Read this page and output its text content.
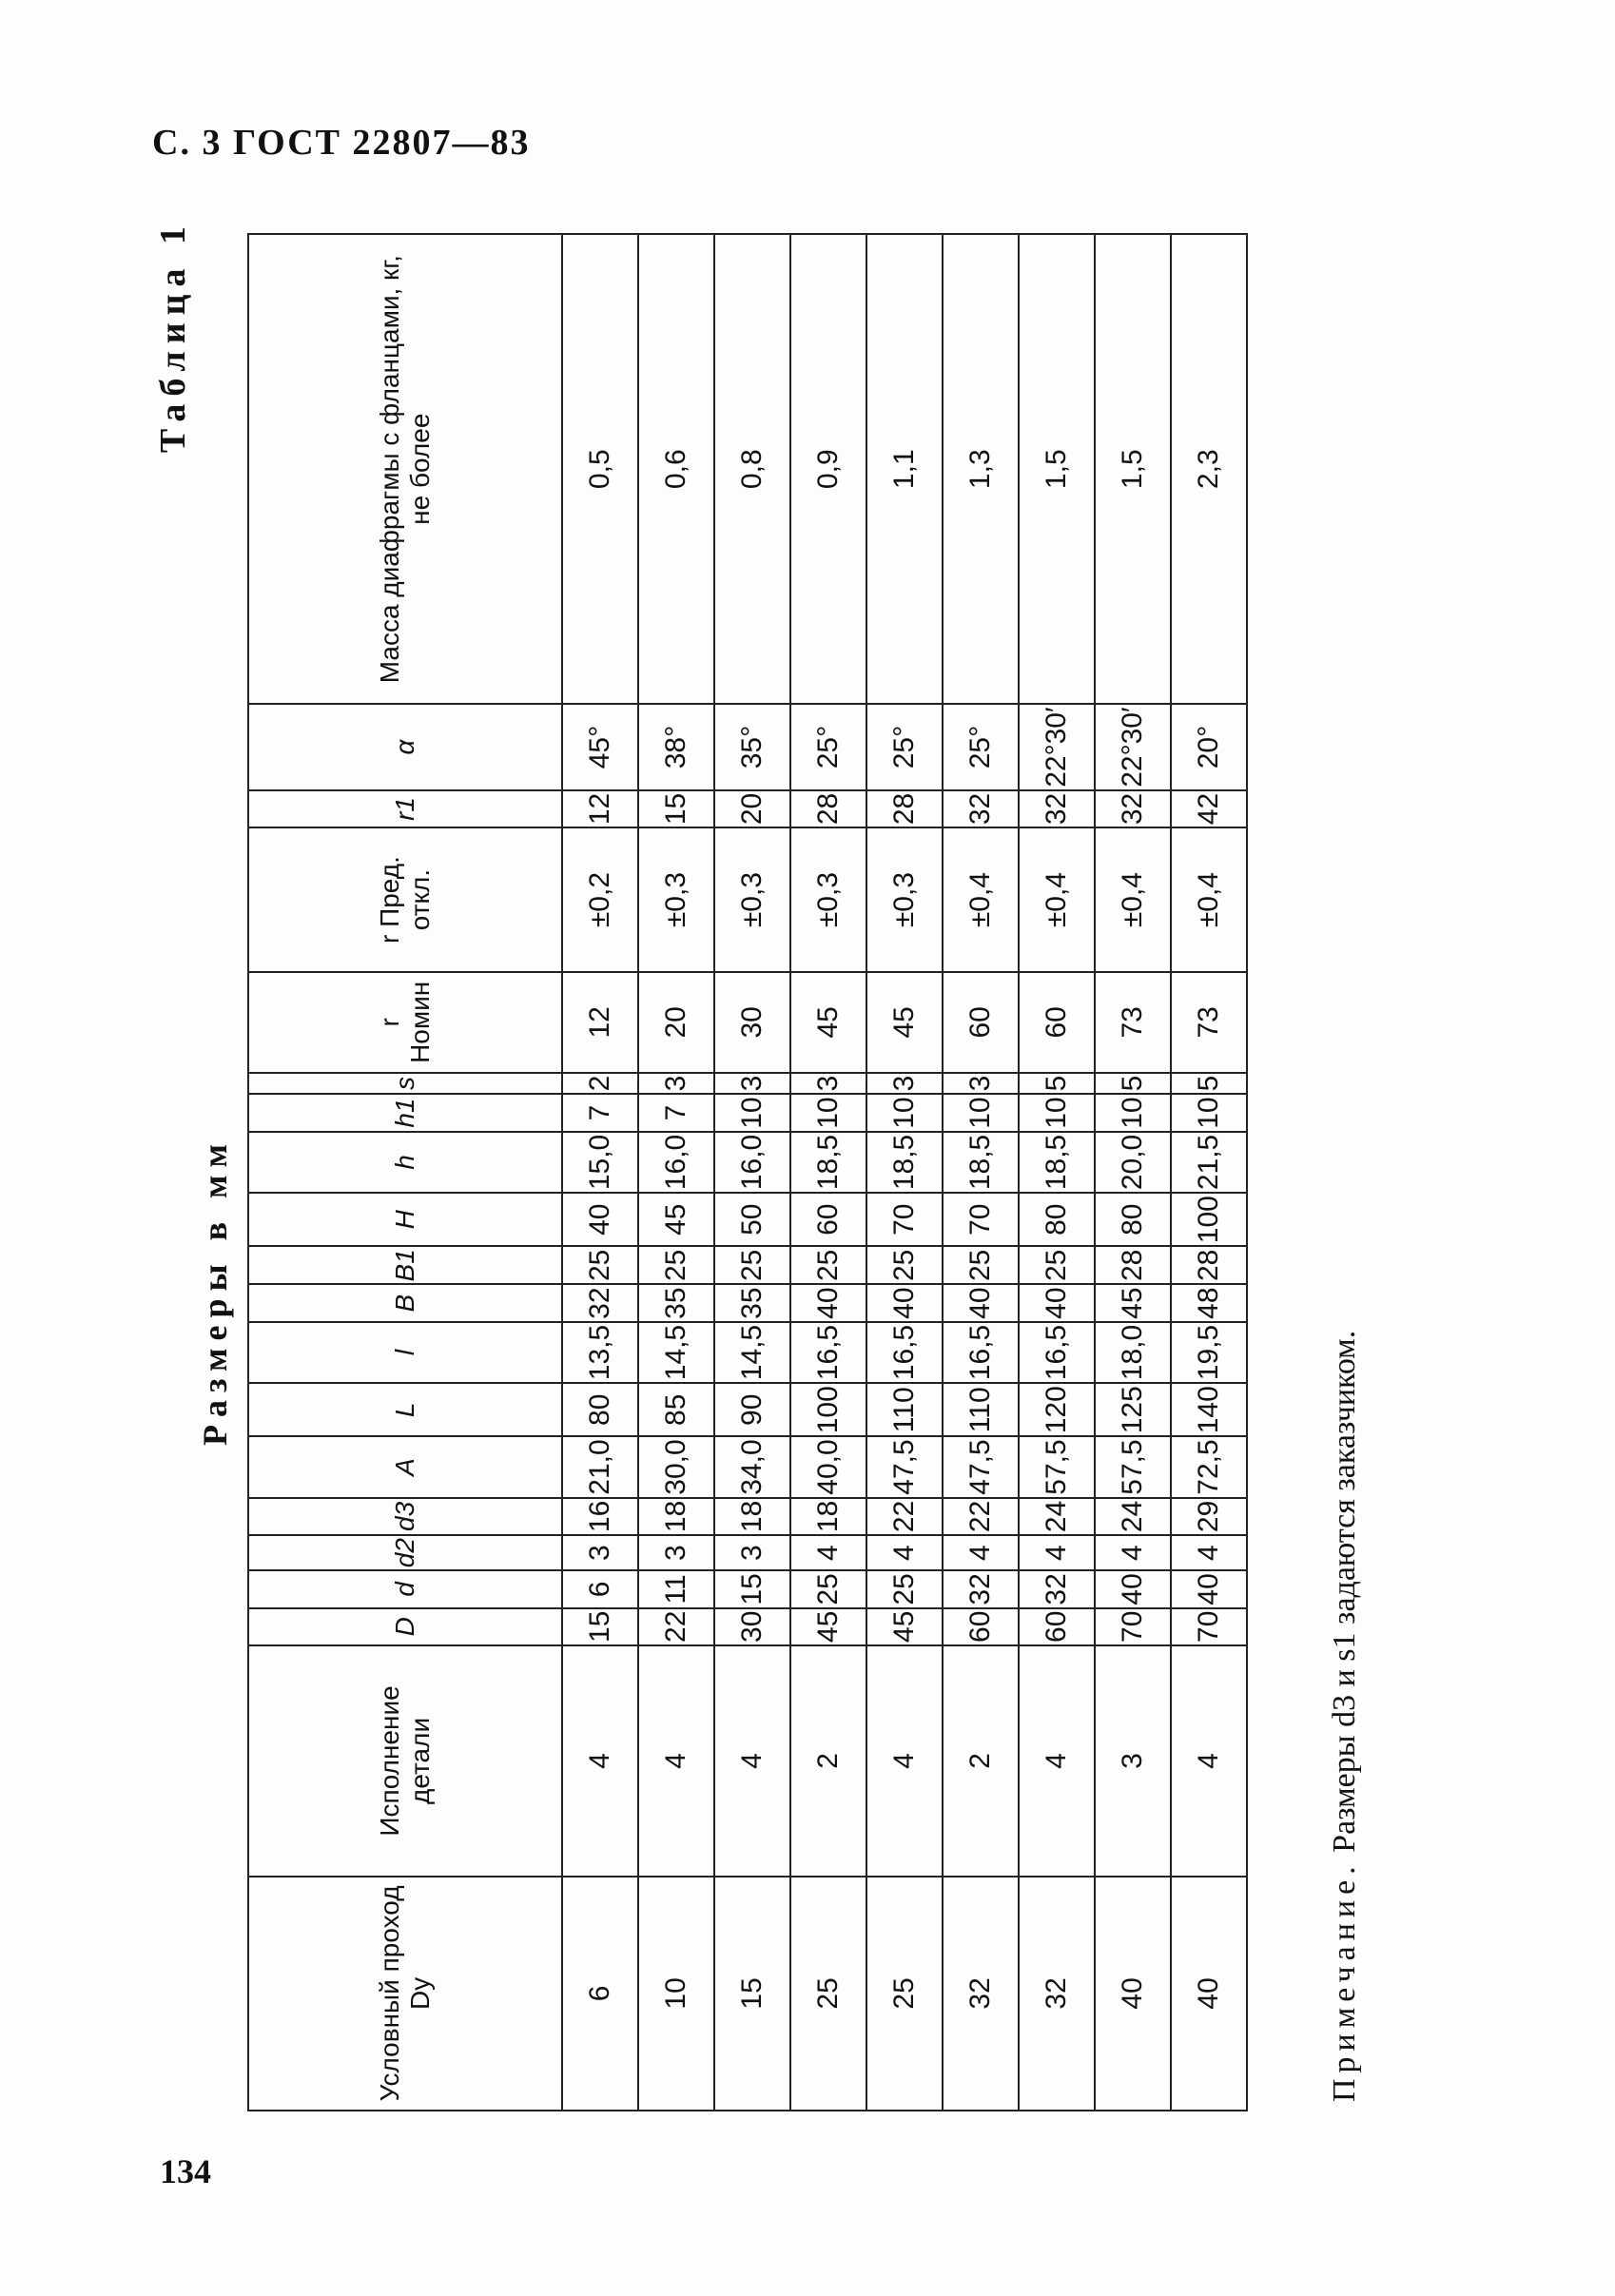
С. 3 ГОСТ 22807—83
Таблица 1
Размеры в мм
Условный проход Dу	Исполнение детали	D	d	d2	d3	A	L	l	B	B1	H	h	h1	s	r Номин	r Пред. откл.	r1	α	Масса диафрагмы с фланцами, кг, не более
6	4	15	6	3	16	21,0	80	13,5	32	25	40	15,0	7	2	12	±0,2	12	45°	0,5
10	4	22	11	3	18	30,0	85	14,5	35	25	45	16,0	7	3	20	±0,3	15	38°	0,6
15	4	30	15	3	18	34,0	90	14,5	35	25	50	16,0	10	3	30	±0,3	20	35°	0,8
25	2	45	25	4	18	40,0	100	16,5	40	25	60	18,5	10	3	45	±0,3	28	25°	0,9
25	4	45	25	4	22	47,5	110	16,5	40	25	70	18,5	10	3	45	±0,3	28	25°	1,1
32	2	60	32	4	22	47,5	110	16,5	40	25	70	18,5	10	3	60	±0,4	32	25°	1,3
32	4	60	32	4	24	57,5	120	16,5	40	25	80	18,5	10	5	60	±0,4	32	22°30′	1,5
40	3	70	40	4	24	57,5	125	18,0	45	28	80	20,0	10	5	73	±0,4	32	22°30′	1,5
40	4	70	40	4	29	72,5	140	19,5	48	28	100	21,5	10	5	73	±0,4	42	20°	2,3
Примечание. Размеры d3 и s1 задаются заказчиком.
134
